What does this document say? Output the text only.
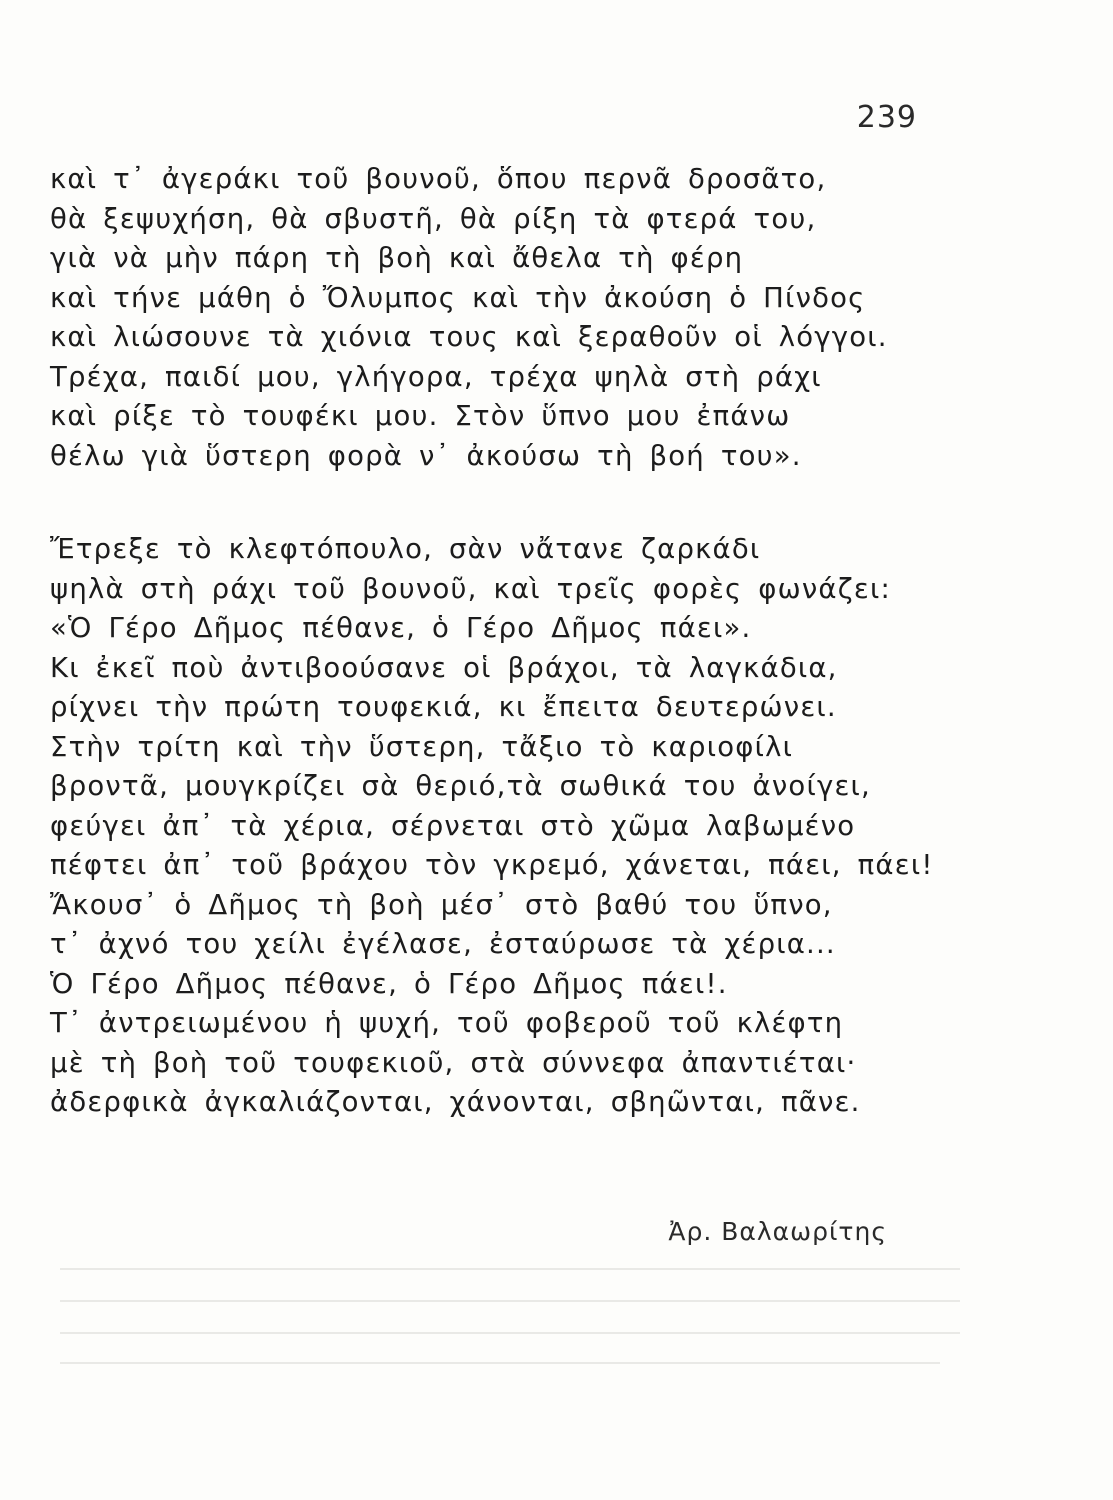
239
καὶ τ᾽ ἀγεράκι τοῦ βουνοῦ, ὅπου περνᾶ δροσᾶτο,
θὰ ξεψυχήση, θὰ σβυστῆ, θὰ ρίξη τὰ φτερά του,
γιὰ νὰ μὴν πάρη τὴ βοὴ καὶ ἄθελα τὴ φέρη
καὶ τήνε μάθη ὁ Ὄλυμπος καὶ τὴν ἀκούση ὁ Πίνδος
καὶ λιώσουνε τὰ χιόνια τους καὶ ξεραθοῦν οἱ λόγγοι.
Τρέχα, παιδί μου, γλήγορα, τρέχα ψηλὰ στὴ ράχι
καὶ ρίξε τὸ τουφέκι μου. Στὸν ὕπνο μου ἐπάνω
θέλω γιὰ ὕστερη φορὰ ν᾽ ἀκούσω τὴ βοή του».
Ἔτρεξε τὸ κλεφτόπουλο, σὰν νἄτανε ζαρκάδι
ψηλὰ στὴ ράχι τοῦ βουνοῦ, καὶ τρεῖς φορὲς φωνάζει:
«Ὁ Γέρο Δῆμος πέθανε, ὁ Γέρο Δῆμος πάει».
Κι ἐκεῖ ποὺ ἀντιβοούσανε οἱ βράχοι, τὰ λαγκάδια,
ρίχνει τὴν πρώτη τουφεκιά, κι ἔπειτα δευτερώνει.
Στὴν τρίτη καὶ τὴν ὕστερη, τἄξιο τὸ καριοφίλι
βροντᾶ, μουγκρίζει σὰ θεριό,τὰ σωθικά του ἀνοίγει,
φεύγει ἀπ᾽ τὰ χέρια, σέρνεται στὸ χῶμα λαβωμένο
πέφτει ἀπ᾽ τοῦ βράχου τὸν γκρεμό, χάνεται, πάει, πάει!
Ἄκουσ᾽ ὁ Δῆμος τὴ βοὴ μέσ᾽ στὸ βαθύ του ὕπνο,
τ᾽ ἀχνό του χείλι ἐγέλασε, ἐσταύρωσε τὰ χέρια...
Ὁ Γέρο Δῆμος πέθανε, ὁ Γέρο Δῆμος πάει!.
Τ᾽ ἀντρειωμένου ἡ ψυχή, τοῦ φοβεροῦ τοῦ κλέφτη
μὲ τὴ βοὴ τοῦ τουφεκιοῦ, στὰ σύννεφα ἀπαντιέται·
ἀδερφικὰ ἀγκαλιάζονται, χάνονται, σβηῶνται, πᾶνε.
Ἀρ. Βαλαωρίτης
